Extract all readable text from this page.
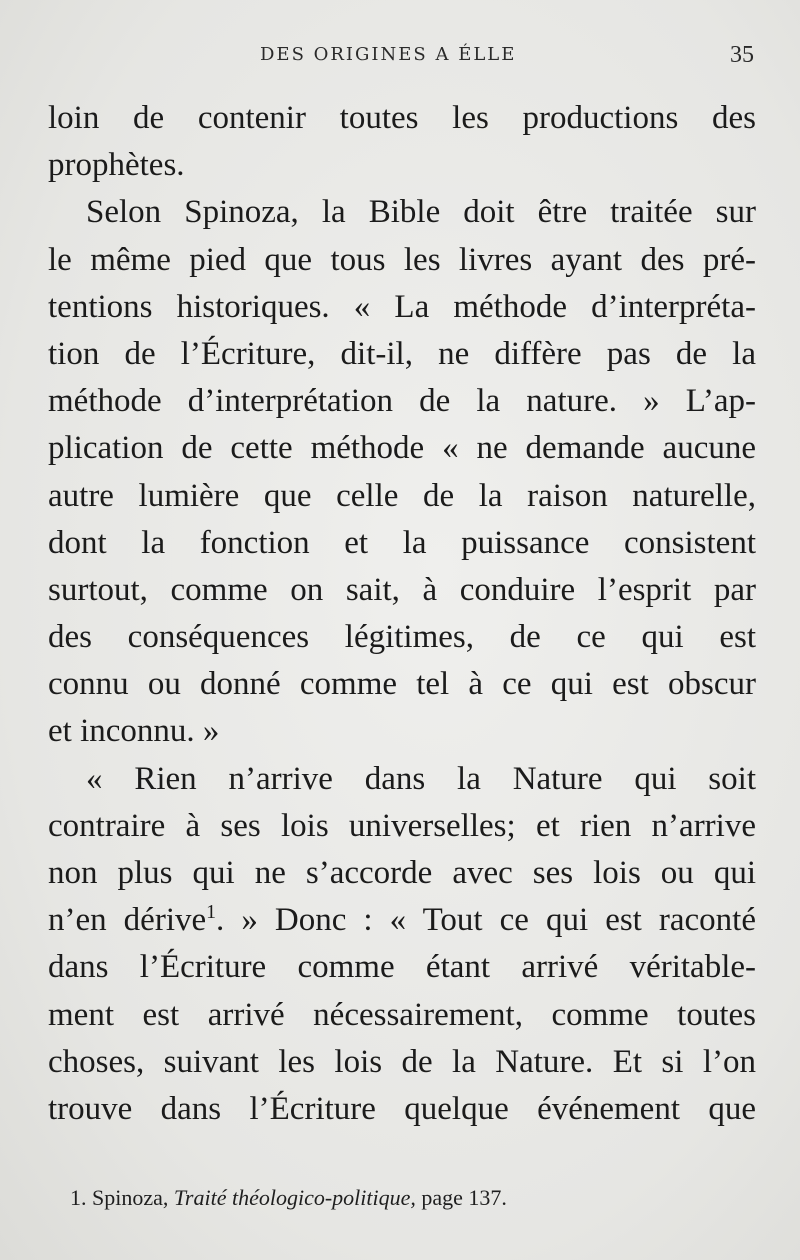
DES ORIGINES A ÉLLE	35
loin de contenir toutes les productions des
prophètes.
Selon Spinoza, la Bible doit être traitée sur
le même pied que tous les livres ayant des pré-
tentions historiques. « La méthode d’interpréta-
tion de l’Écriture, dit-il, ne diffère pas de la
méthode d’interprétation de la nature. » L’ap-
plication de cette méthode « ne demande aucune
autre lumière que celle de la raison naturelle,
dont la fonction et la puissance consistent
surtout, comme on sait, à conduire l’esprit par
des conséquences légitimes, de ce qui est
connu ou donné comme tel à ce qui est obscur
et inconnu. »
« Rien n’arrive dans la Nature qui soit
contraire à ses lois universelles; et rien n’arrive
non plus qui ne s’accorde avec ses lois ou qui
n’en dérive$^1$. » Donc : « Tout ce qui est raconté
dans l’Écriture comme étant arrivé véritable-
ment est arrivé nécessairement, comme toutes
choses, suivant les lois de la Nature. Et si l’on
trouve dans l’Écriture quelque événement que
1. Spinoza, Traité théologico-politique, page 137.
